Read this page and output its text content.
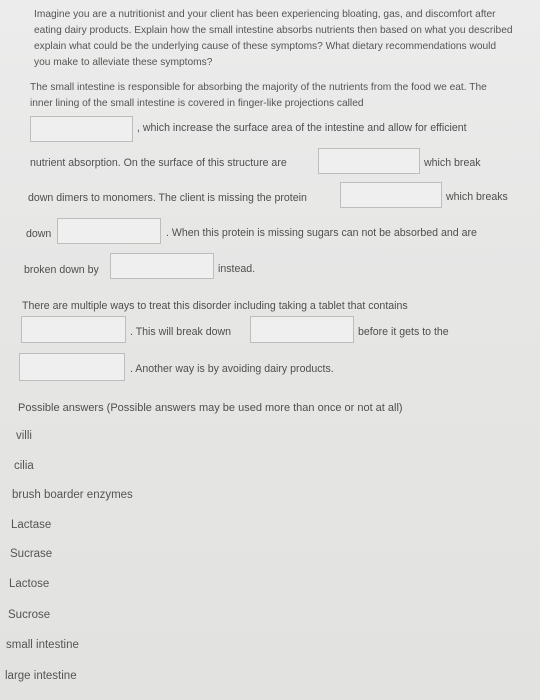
Imagine you are a nutritionist and your client has been experiencing bloating, gas, and discomfort after eating dairy products. Explain how the small intestine absorbs nutrients then based on what you described explain what could be the underlying cause of these symptoms? What dietary recommendations would you make to alleviate these symptoms?
The small intestine is responsible for absorbing the majority of the nutrients from the food we eat. The inner lining of the small intestine is covered in finger-like projections called
, which increase the surface area of the intestine and allow for efficient
nutrient absorption. On the surface of this structure are	which break
down dimers to monomers. The client is missing the protein	which breaks
down	. When this protein is missing sugars can not be absorbed and are
broken down by	instead.
There are multiple ways to treat this disorder including taking a tablet that contains
. This will break down	before it gets to the
. Another way is by avoiding dairy products.
Possible answers (Possible answers may be used more than once or not at all)
villi
cilia
brush boarder enzymes
Lactase
Sucrase
Lactose
Sucrose
small intestine
large intestine
